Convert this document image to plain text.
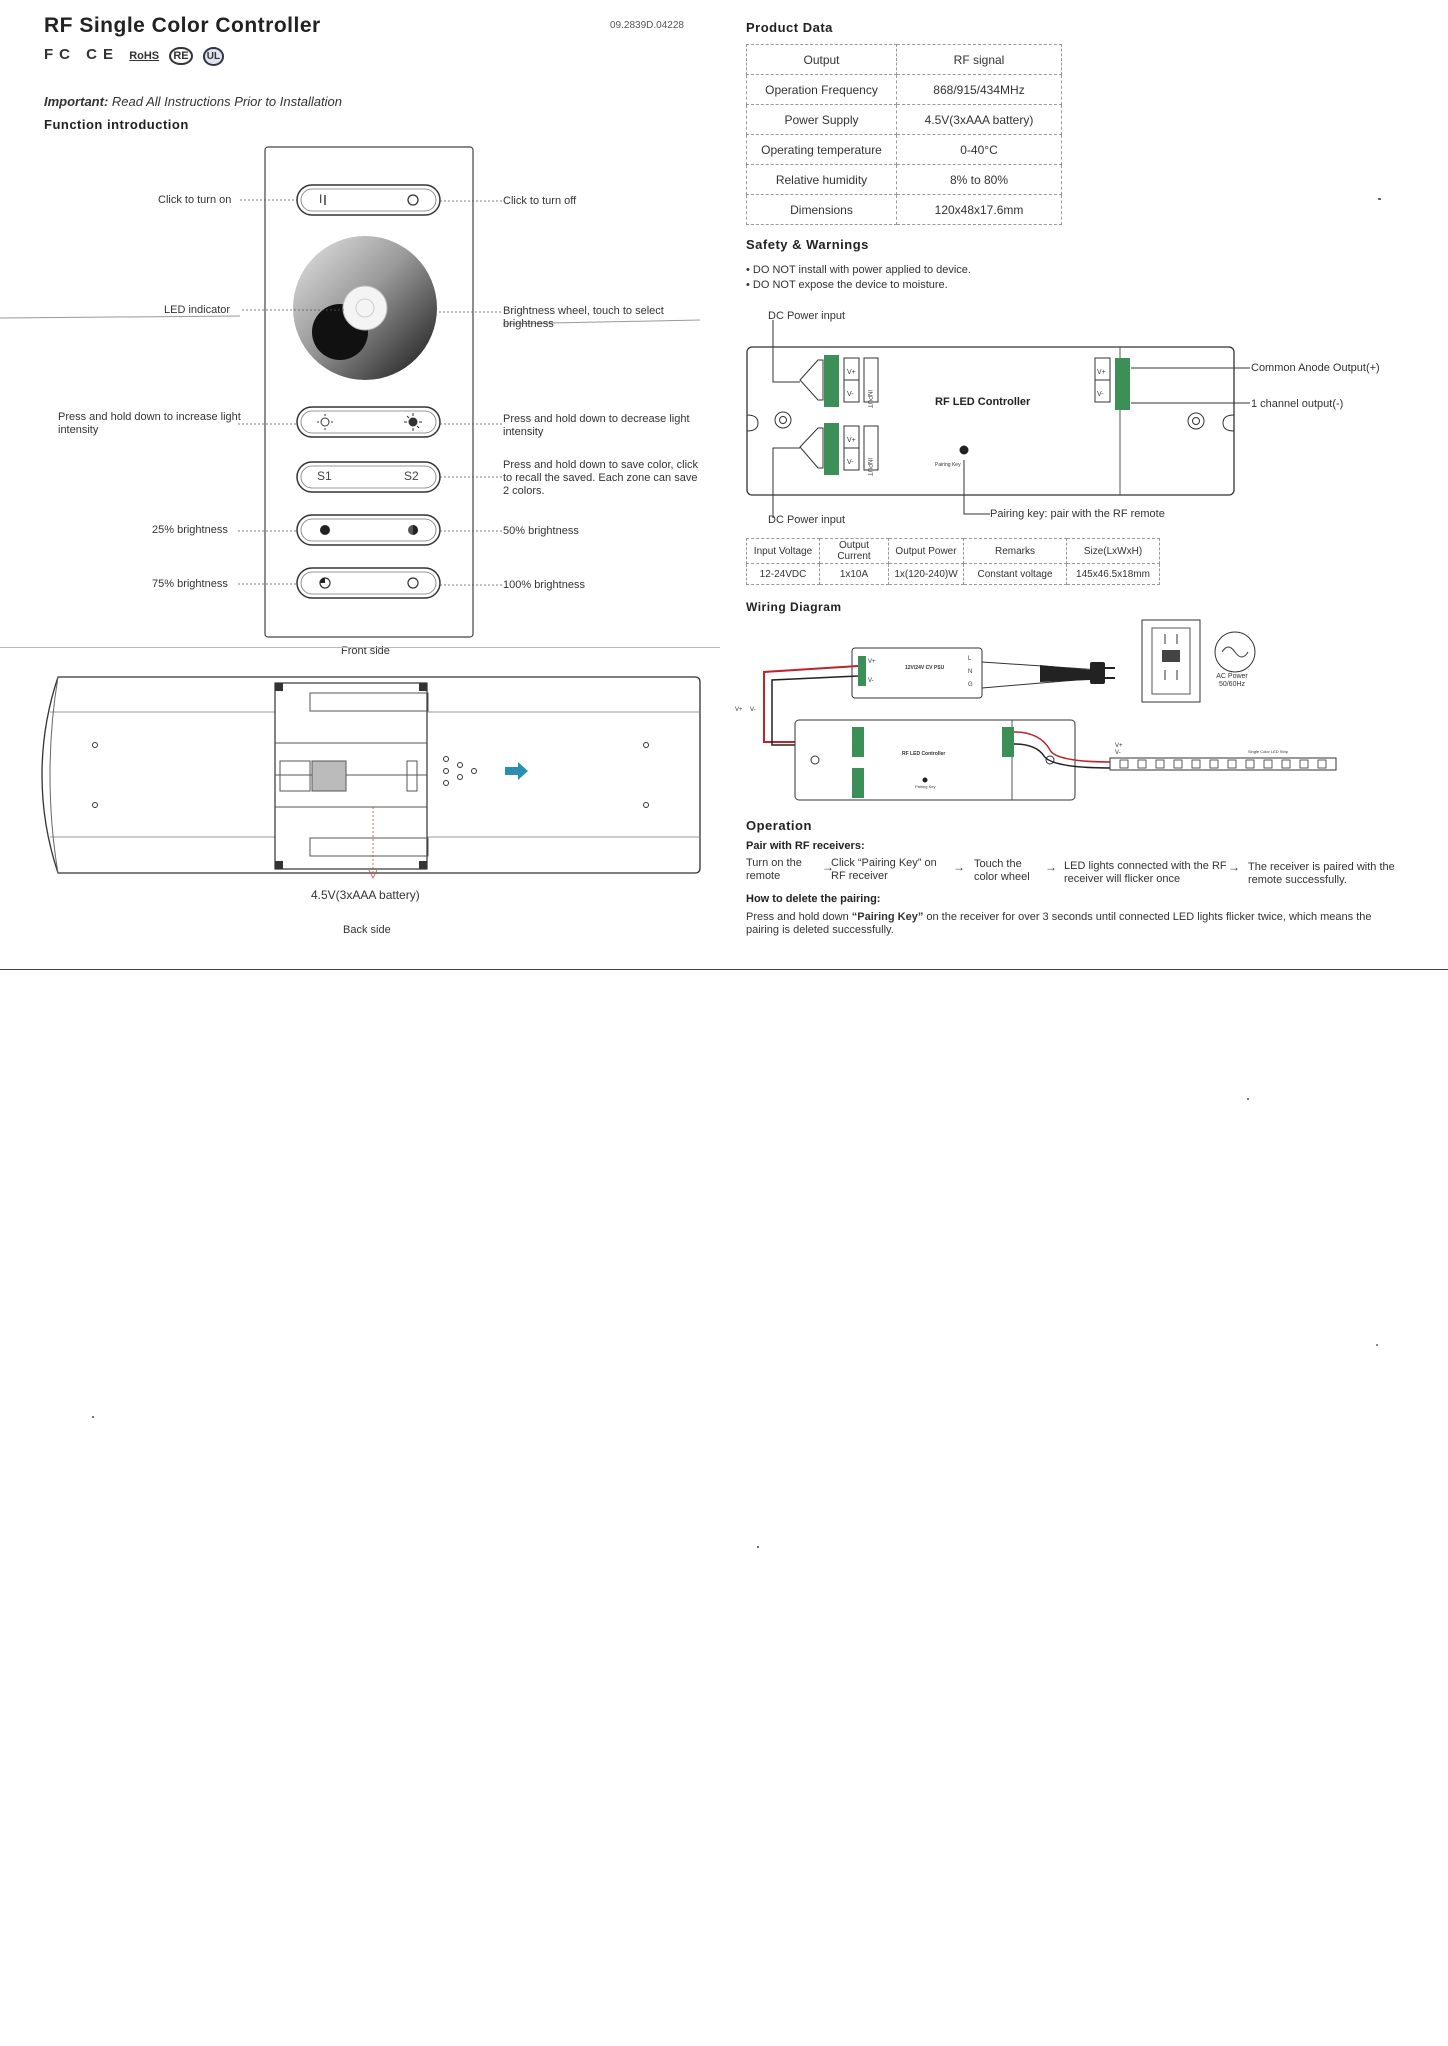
RF Single Color Controller	09.2839D.04228
FC CE RoHS RE UL
Important: Read All Instructions Prior to Installation
Function introduction
I
S1	S2
Click to turn on	Click to turn off
LED indicator	Brightness wheel, touch to select brightness
Press and hold down to increase light intensity
Press and hold down to decrease light intensity
Press and hold down to save color, click to recall the saved. Each zone can save 2 colors.
25% brightness	50% brightness
75% brightness	100% brightness
Front side
4.5V(3xAAA battery)
Back side
Product Data
Output	RF signal
Operation Frequency	868/915/434MHz
Power Supply	4.5V(3xAAA battery)
Operating temperature	0-40°C
Relative humidity	8% to 80%
Dimensions	120x48x17.6mm
Safety & Warnings
• DO NOT install with power applied to device.
• DO NOT expose the device to moisture.
DC Power input
V+
V-
V+
V-
V+
V-
INPUT
INPUT	Pairing Key
RF LED Controller
Common Anode Output(+)
1 channel output(-)
DC Power input	Pairing key: pair with the RF remote
Input Voltage	Output Current	Output Power	Remarks	Size(LxWxH)
12-24VDC	1x10A	1x(120-240)W	Constant voltage	145x46.5x18mm
Wiring Diagram
V+
V-
12V/24V CV PSU
L
N
G
V+ V-
RF LED Controller
Pairing Key
Single Color LED Strip
V+
V-
AC Power 50/60Hz
Operation
Pair with RF receivers:
Turn on the remote
→
Click “Pairing Key” on RF receiver
→ Touch the color wheel
→ LED lights connected with the RF receiver will flicker once
→ The receiver is paired with the remote successfully.
How to delete the pairing:
Press and hold down “Pairing Key” on the receiver for over 3 seconds until connected LED lights flicker twice, which means the pairing is deleted successfully.
